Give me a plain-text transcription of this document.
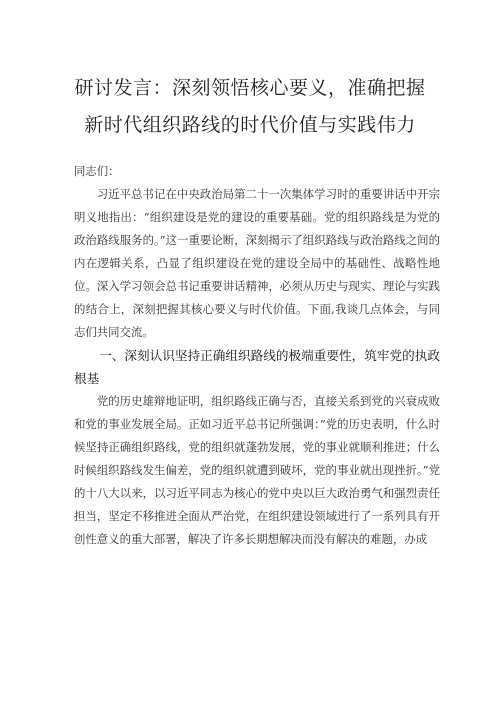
研讨发言：深刻领悟核心要义，准确把握
新时代组织路线的时代价值与实践伟力

同志们：

习近平总书记在中央政治局第二十一次集体学习时的重要讲话中开宗明义地指出：“组织建设是党的建设的重要基础。党的组织路线是为党的政治路线服务的。”这一重要论断，深刻揭示了组织路线与政治路线之间的内在逻辑关系，凸显了组织建设在党的建设全局中的基础性、战略性地位。深入学习领会总书记重要讲话精神，必须从历史与现实、理论与实践的结合上，深刻把握其核心要义与时代价值。下面,我谈几点体会，与同志们共同交流。

一、深刻认识坚持正确组织路线的极端重要性，筑牢党的执政根基

党的历史雄辩地证明，组织路线正确与否，直接关系到党的兴衰成败和党的事业发展全局。正如习近平总书记所强调：”党的历史表明，什么时候坚持正确组织路线，党的组织就蓬勃发展，党的事业就顺利推进；什么时候组织路线发生偏差，党的组织就遭到破坏，党的事业就出现挫折。”党的十八大以来，以习近平同志为核心的党中央以巨大政治勇气和强烈责任担当，坚定不移推进全面从严治党，在组织建设领域进行了一系列具有开创性意义的重大部署，解决了许多长期想解决而没有解决的难题，办成
